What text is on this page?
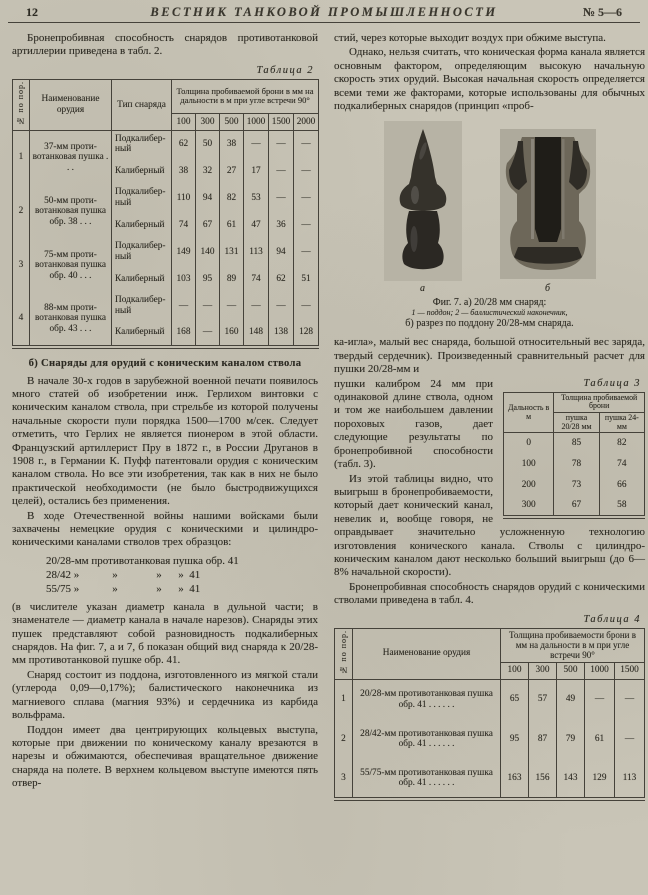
12	ВЕСТНИК ТАНКОВОЙ ПРОМЫШЛЕННОСТИ	№ 5—6

Бронепробивная способность снарядов противотанковой артиллерии приведена в табл. 2.

Таблица 2
№ по пор.	Наименование орудия	Тип снаряда	Толщина пробиваемой брони в мм на дальности в м при угле встречи 90°					
			100	300	500	1000	1500	2000
1	37-мм противотанковая пушка . . .	Подкалиберный	62	50	38	—	—	—
		Калиберный	38	32	27	17	—	—
2	50-мм противотанковая пушка обр. 38 . . .	Подкалиберный	110	94	82	53	—	—
		Калиберный	74	67	61	47	36	—
3	75-мм противотанковая пушка обр. 40 . . .	Подкалиберный	149	140	131	113	94	—
		Калиберный	103	95	89	74	62	51
4	88-мм противотанковая пушка обр. 43 . . .	Подкалиберный	—	—	—	—	—	—
		Калиберный	168	—	160	148	138	128
б) Снаряды для орудий с коническим каналом ствола

В начале 30-х годов в зарубежной военной печати появилось много статей об изобретении инж. Герлихом винтовки с коническим каналом ствола, при стрельбе из которой получены начальные скорости пули порядка 1500—1700 м/сек. Следует отметить, что Герлих не является пионером в этой области. Французский артиллерист Пру в 1872 г., в России Друганов в 1908 г., в Германии К. Пуфф патентовали орудия с коническим каналом ствола. Но все эти изобретения, так как в них не было практической необходимости (не было быстродвижущихся целей), остались без применения.

В ходе Отечественной войны нашими войсками были захвачены немецкие орудия с коническими и цилиндро-коническими каналами стволов трех образцов:

20/28-мм противотанковая пушка обр. 41
28/42 »            »              »      »  41
55/75 »            »              »      »  41

(в числителе указан диаметр канала в дульной части; в знаменателе — диаметр канала в начале нарезов). Снаряды этих пушек представляют собой разновидность подкалиберных снарядов. На фиг. 7, а и 7, б показан общий вид снаряда к 20/28-мм противотанковой пушке обр. 41.

Снаряд состоит из поддона, изготовленного из мягкой стали (углерода 0,09—0,17%); балистического наконечника из магниевого сплава (магния 93%) и сердечника из карбида вольфрама.

Поддон имеет два центрирующих кольцевых выступа, которые при движении по коническому каналу врезаются в нарезы и обжимаются, обеспечивая вращательное движение снаряда на полете. В верхнем кольцевом выступе имеются пять отвер-

стий, через которые выходит воздух при обжиме выступа.

Однако, нельзя считать, что коническая форма канала является основным фактором, определяющим высокую начальную скорость этих орудий. Высокая начальная скорость определяется всеми теми же факторами, которые использованы для обычных подкалиберных снарядов (принцип «проб-

а	б
Фиг. 7. а) 20/28 мм снаряд:
1 — поддон; 2 — баллистический наконечник,
б) разрез по поддону 20/28-мм снаряда.

ка-игла», малый вес снаряда, большой относительный вес заряда, твердый сердечник). Произведенный сравнительный расчет для пушки 20/28-мм и

Таблица 3
Дальность в м	Толщина пробиваемой брони	
	пушка 20/28 мм	пушка 24-мм
0	85	82
100	78	74
200	73	66
300	67	58

пушки калибром 24 мм при одинаковой длине ствола, одном и том же наибольшем давлении пороховых газов, дает следующие результаты по бронепробивной способности (табл. 3).

Из этой таблицы видно, что выигрыш в бронепробиваемости, который дает конический канал, невелик и, вообще говоря, не оправдывает значительно усложненную технологию изготовления конического канала. Стволы с цилиндро-коническим каналом дают несколько больший выигрыш (до 6—8% начальной скорости).

Бронепробивная способность снарядов орудий с коническими стволами приведена в табл. 4.

Таблица 4
№ по пор.	Наименование орудия	Толщина пробиваемости брони в мм на дальности в м при угле встречи 90°				
		100	300	500	1000	1500
1	20/28-мм противотанковая пушка обр. 41 . . . . . .	65	57	49	—	—
2	28/42-мм противотанковая пушка обр. 41 . . . . . .	95	87	79	61	—
3	55/75-мм противотанковая пушка обр. 41 . . . . . .	163	156	143	129	113
